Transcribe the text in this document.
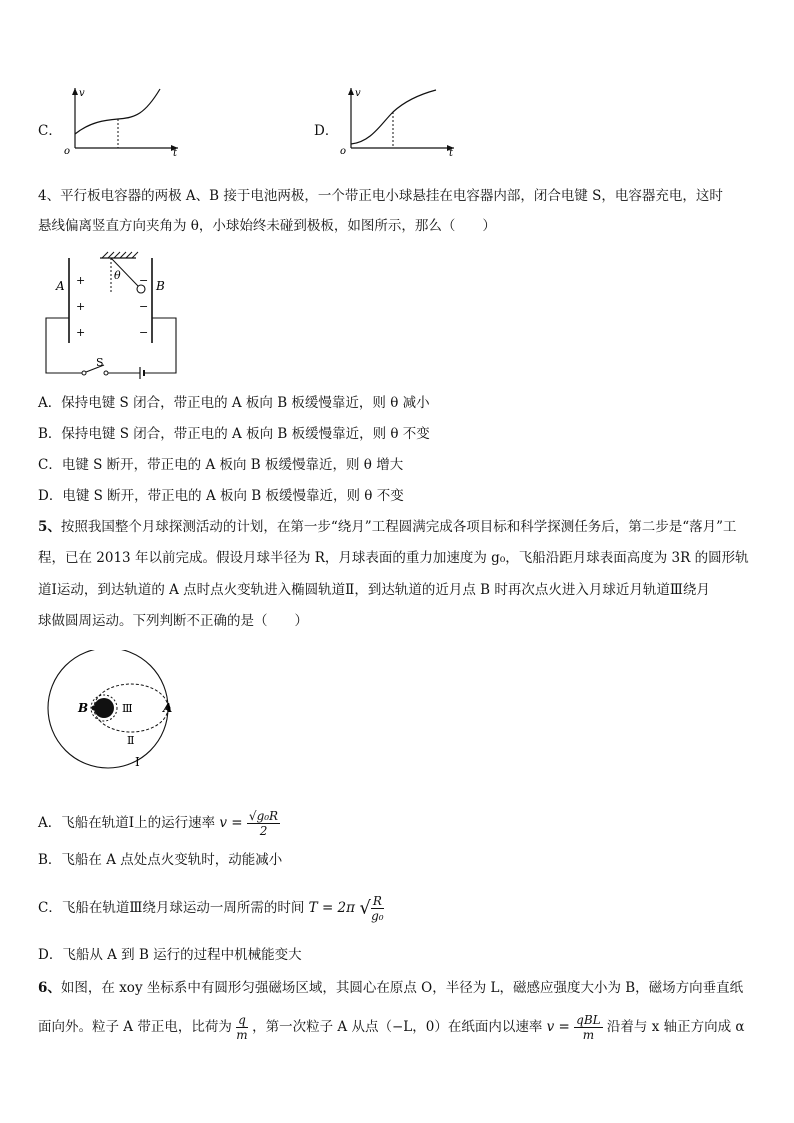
C．
v
t
o
D．
v
t
o
4、平行板电容器的两极 A、B 接于电池两极，一个带正电小球悬挂在电容器内部，闭合电键 S，电容器充电，这时
悬线偏离竖直方向夹角为 θ，小球始终未碰到极板，如图所示，那么（　　）
θ
A	B
+
+
+
−
−
−
S
A．保持电键 S 闭合，带正电的 A 板向 B 板缓慢靠近，则 θ 减小
B．保持电键 S 闭合，带正电的 A 板向 B 板缓慢靠近，则 θ 不变
C．电键 S 断开，带正电的 A 板向 B 板缓慢靠近，则 θ 增大
D．电键 S 断开，带正电的 A 板向 B 板缓慢靠近，则 θ 不变
5、按照我国整个月球探测活动的计划，在第一步“绕月”工程圆满完成各项目标和科学探测任务后，第二步是“落月”工
程，已在 2013 年以前完成。假设月球半径为 R，月球表面的重力加速度为 g₀，飞船沿距月球表面高度为 3R 的圆形轨
道Ⅰ运动，到达轨道的 A 点时点火变轨进入椭圆轨道Ⅱ，到达轨道的近月点 B 时再次点火进入月球近月轨道Ⅲ绕月
球做圆周运动。下列判断不正确的是（　　）
B	A
Ⅲ
Ⅱ
Ⅰ
A．飞船在轨道Ⅰ上的运行速率 $v = \frac{\text{√g₀R}}{2}$
B．飞船在 A 点处点火变轨时，动能减小
C．飞船在轨道Ⅲ绕月球运动一周所需的时间 T = 2π √ $\frac{R}{\text{g₀}}$
D．飞船从 A 到 B 运行的过程中机械能变大
6、如图，在 xoy 坐标系中有圆形匀强磁场区域，其圆心在原点 O，半径为 L，磁感应强度大小为 B，磁场方向垂直纸
面向外。粒子 A 带正电，比荷为 $\frac{q}{m}$ ，第一次粒子 A 从点（−L，0）在纸面内以速率 $v = \frac{\text{qBL}}{m}$ 沿着与 x 轴正方向成 α
